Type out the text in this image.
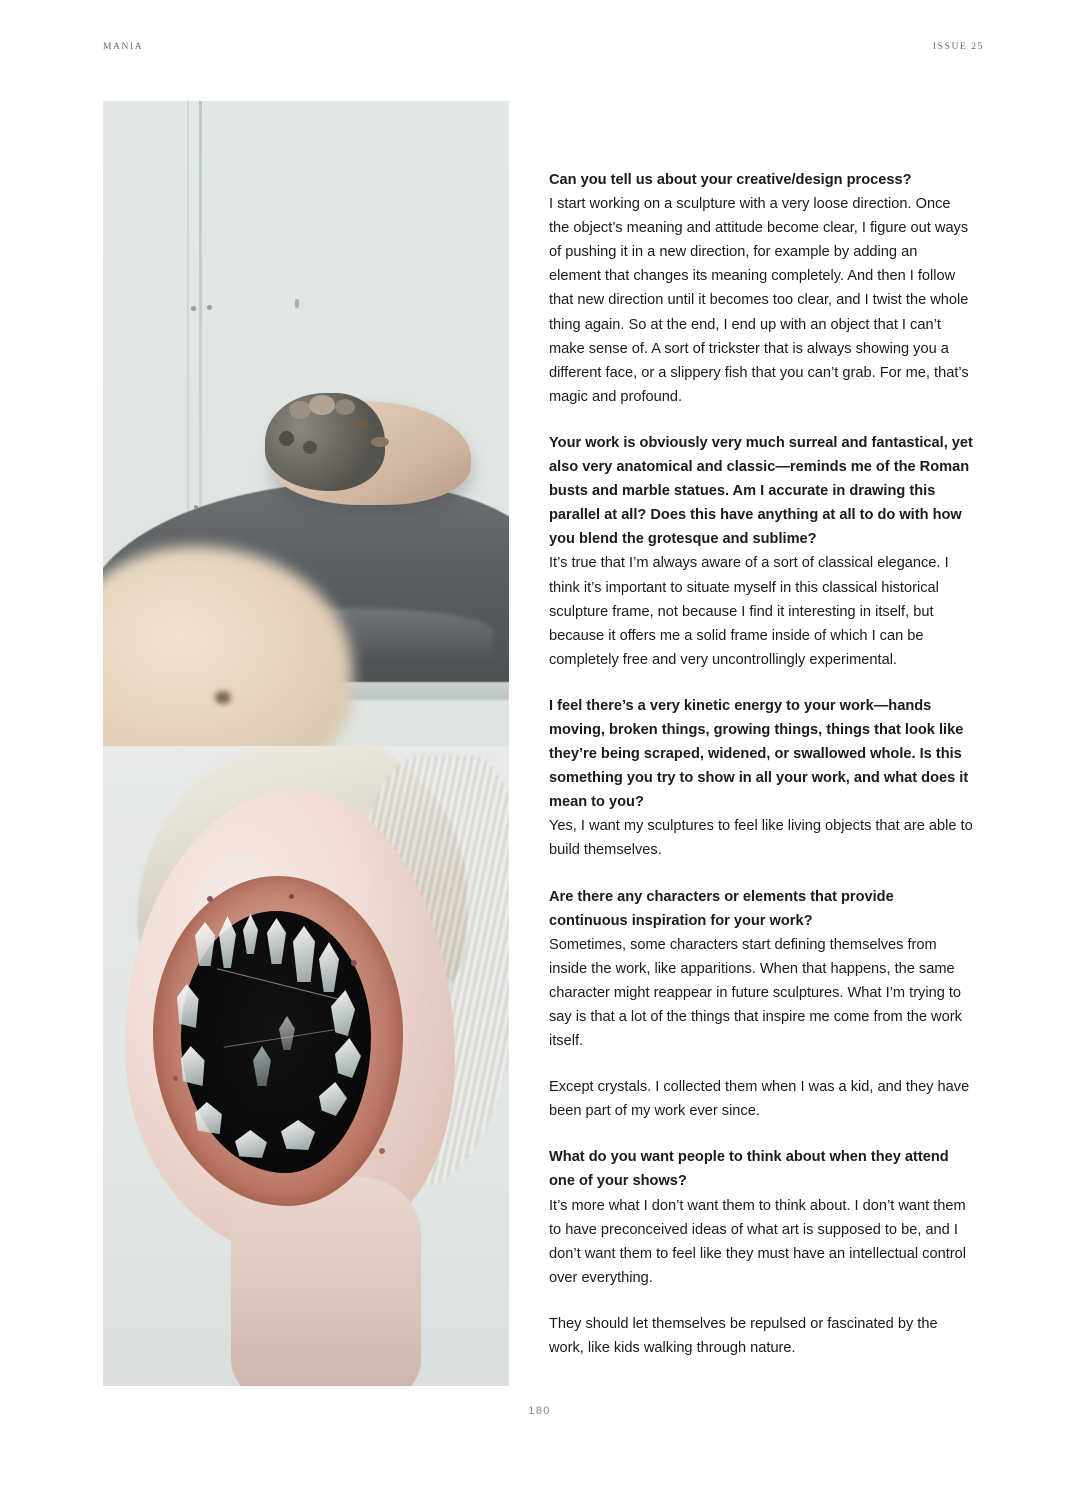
MANIA	ISSUE 25
Can you tell us about your creative/design process?
I start working on a sculpture with a very loose direction. Once the object’s meaning and attitude become clear, I figure out ways of pushing it in a new direction, for example by adding an element that changes its meaning completely. And then I follow that new direction until it becomes too clear, and I twist the whole thing again. So at the end, I end up with an object that I can’t make sense of. A sort of trickster that is always showing you a different face, or a slippery fish that you can’t grab. For me, that’s magic and profound.
Your work is obviously very much surreal and fantastical, yet also very anatomical and classic—reminds me of the Roman busts and marble statues. Am I accurate in drawing this parallel at all? Does this have anything at all to do with how you blend the grotesque and sublime?
It’s true that I’m always aware of a sort of classical elegance. I think it’s important to situate myself in this classical historical sculpture frame, not because I find it interesting in itself, but because it offers me a solid frame inside of which I can be completely free and very uncontrollingly experimental.
I feel there’s a very kinetic energy to your work—hands moving, broken things, growing things, things that look like they’re being scraped, widened, or swallowed whole. Is this something you try to show in all your work, and what does it mean to you?
Yes, I want my sculptures to feel like living objects that are able to build themselves.
Are there any characters or elements that provide continuous inspiration for your work?
Sometimes, some characters start defining themselves from inside the work, like apparitions. When that happens, the same character might reappear in future sculptures. What I’m trying to say is that a lot of the things that inspire me come from the work itself.
Except crystals. I collected them when I was a kid, and they have been part of my work ever since.
What do you want people to think about when they attend one of your shows?
It’s more what I don’t want them to think about. I don’t want them to have preconceived ideas of what art is supposed to be, and I don’t want them to feel like they must have an intellectual control over everything.
They should let themselves be repulsed or fascinated by the work, like kids walking through nature.
180
